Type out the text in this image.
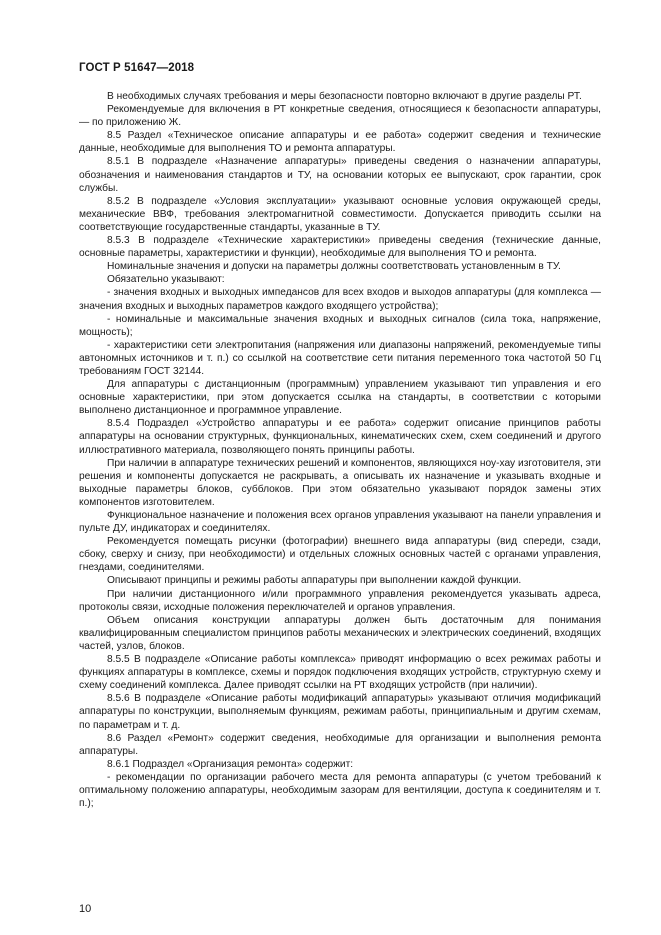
ГОСТ Р 51647—2018

В необходимых случаях требования и меры безопасности повторно включают в другие разделы РТ.

Рекомендуемые для включения в РТ конкретные сведения, относящиеся к безопасности аппаратуры, — по приложению Ж.

8.5 Раздел «Техническое описание аппаратуры и ее работа» содержит сведения и технические данные, необходимые для выполнения ТО и ремонта аппаратуры.

8.5.1 В подразделе «Назначение аппаратуры» приведены сведения о назначении аппаратуры, обозначения и наименования стандартов и ТУ, на основании которых ее выпускают, срок гарантии, срок службы.

8.5.2 В подразделе «Условия эксплуатации» указывают основные условия окружающей среды, механические ВВФ, требования электромагнитной совместимости. Допускается приводить ссылки на соответствующие государственные стандарты, указанные в ТУ.

8.5.3 В подразделе «Технические характеристики» приведены сведения (технические данные, основные параметры, характеристики и функции), необходимые для выполнения ТО и ремонта.

Номинальные значения и допуски на параметры должны соответствовать установленным в ТУ.

Обязательно указывают:

- значения входных и выходных импедансов для всех входов и выходов аппаратуры (для комплекса — значения входных и выходных параметров каждого входящего устройства);

- номинальные и максимальные значения входных и выходных сигналов (сила тока, напряжение, мощность);

- характеристики сети электропитания (напряжения или диапазоны напряжений, рекомендуемые типы автономных источников и т. п.) со ссылкой на соответствие сети питания переменного тока частотой 50 Гц требованиям ГОСТ 32144.

Для аппаратуры с дистанционным (программным) управлением указывают тип управления и его основные характеристики, при этом допускается ссылка на стандарты, в соответствии с которыми выполнено дистанционное и программное управление.

8.5.4 Подраздел «Устройство аппаратуры и ее работа» содержит описание принципов работы аппаратуры на основании структурных, функциональных, кинематических схем, схем соединений и другого иллюстративного материала, позволяющего понять принципы работы.

При наличии в аппаратуре технических решений и компонентов, являющихся ноу-хау изготовителя, эти решения и компоненты допускается не раскрывать, а описывать их назначение и указывать входные и выходные параметры блоков, субблоков. При этом обязательно указывают порядок замены этих компонентов изготовителем.

Функциональное назначение и положения всех органов управления указывают на панели управления и пульте ДУ, индикаторах и соединителях.

Рекомендуется помещать рисунки (фотографии) внешнего вида аппаратуры (вид спереди, сзади, сбоку, сверху и снизу, при необходимости) и отдельных сложных основных частей с органами управления, гнездами, соединителями.

Описывают принципы и режимы работы аппаратуры при выполнении каждой функции.

При наличии дистанционного и/или программного управления рекомендуется указывать адреса, протоколы связи, исходные положения переключателей и органов управления.

Объем описания конструкции аппаратуры должен быть достаточным для понимания квалифицированным специалистом принципов работы механических и электрических соединений, входящих частей, узлов, блоков.

8.5.5 В подразделе «Описание работы комплекса» приводят информацию о всех режимах работы и функциях аппаратуры в комплексе, схемы и порядок подключения входящих устройств, структурную схему и схему соединений комплекса. Далее приводят ссылки на РТ входящих устройств (при наличии).

8.5.6 В подразделе «Описание работы модификаций аппаратуры» указывают отличия модификаций аппаратуры по конструкции, выполняемым функциям, режимам работы, принципиальным и другим схемам, по параметрам и т. д.

8.6 Раздел «Ремонт» содержит сведения, необходимые для организации и выполнения ремонта аппаратуры.

8.6.1 Подраздел «Организация ремонта» содержит:

- рекомендации по организации рабочего места для ремонта аппаратуры (с учетом требований к оптимальному положению аппаратуры, необходимым зазорам для вентиляции, доступа к соединителям и т. п.);

10
